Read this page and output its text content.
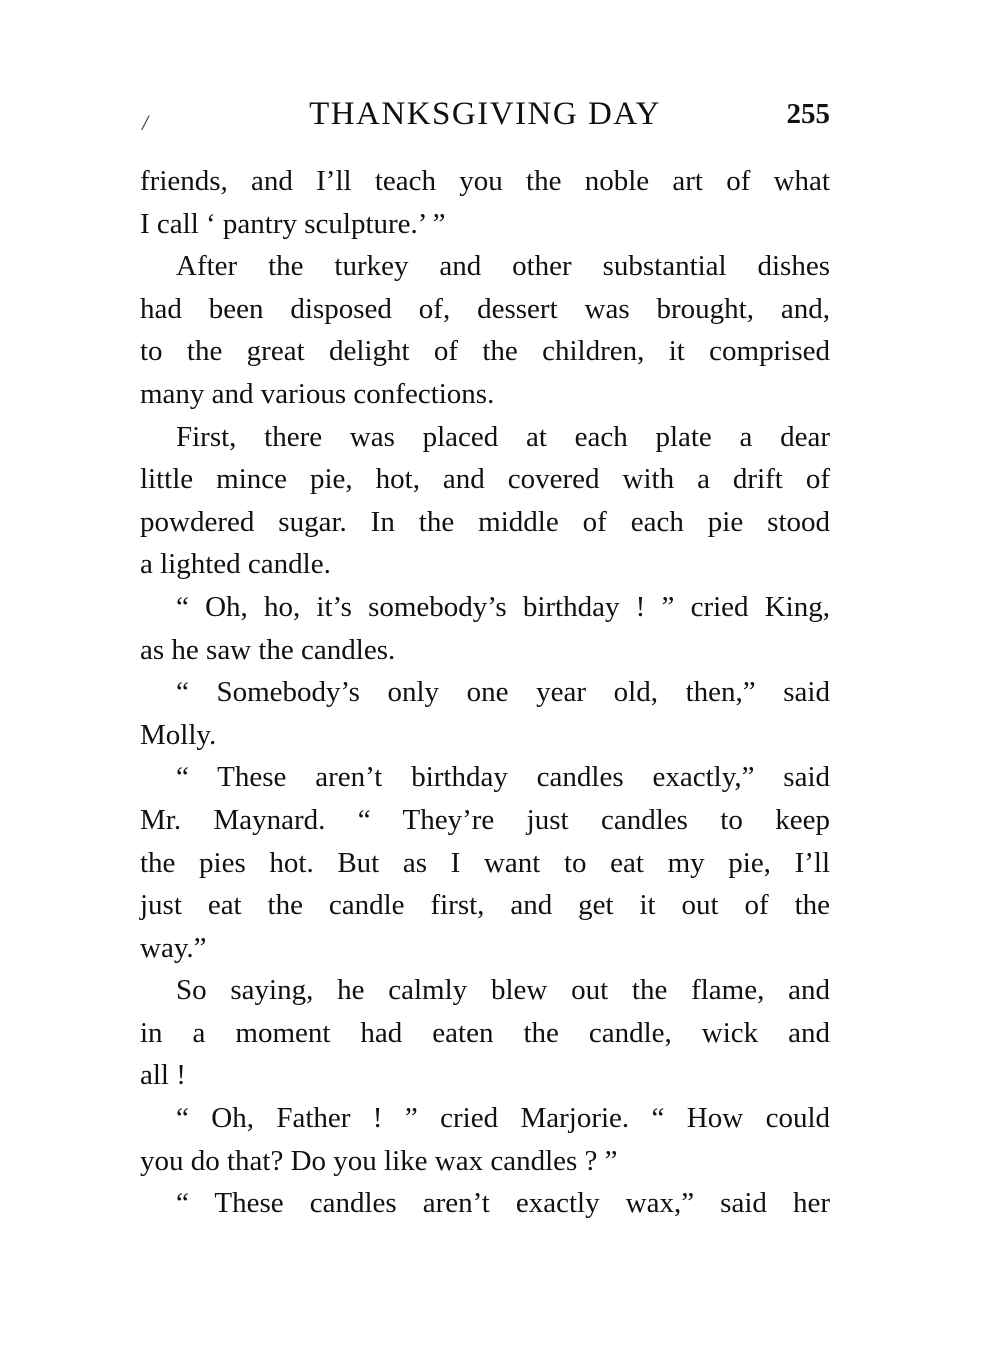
/	THANKSGIVING DAY	255
friends, and I’ll teach you the noble art of what
I call ‘ pantry sculpture.’ ”
After the turkey and other substantial dishes
had been disposed of, dessert was brought, and,
to the great delight of the children, it comprised
many and various confections.
First, there was placed at each plate a dear
little mince pie, hot, and covered with a drift of
powdered sugar. In the middle of each pie stood
a lighted candle.
“ Oh, ho, it’s somebody’s birthday ! ” cried King,
as he saw the candles.
“ Somebody’s only one year old, then,” said
Molly.
“ These aren’t birthday candles exactly,” said
Mr. Maynard. “ They’re just candles to keep
the pies hot. But as I want to eat my pie, I’ll
just eat the candle first, and get it out of the
way.”
So saying, he calmly blew out the flame, and
in a moment had eaten the candle, wick and
all !
“ Oh, Father ! ” cried Marjorie. “ How could
you do that? Do you like wax candles ? ”
“ These candles aren’t exactly wax,” said her
